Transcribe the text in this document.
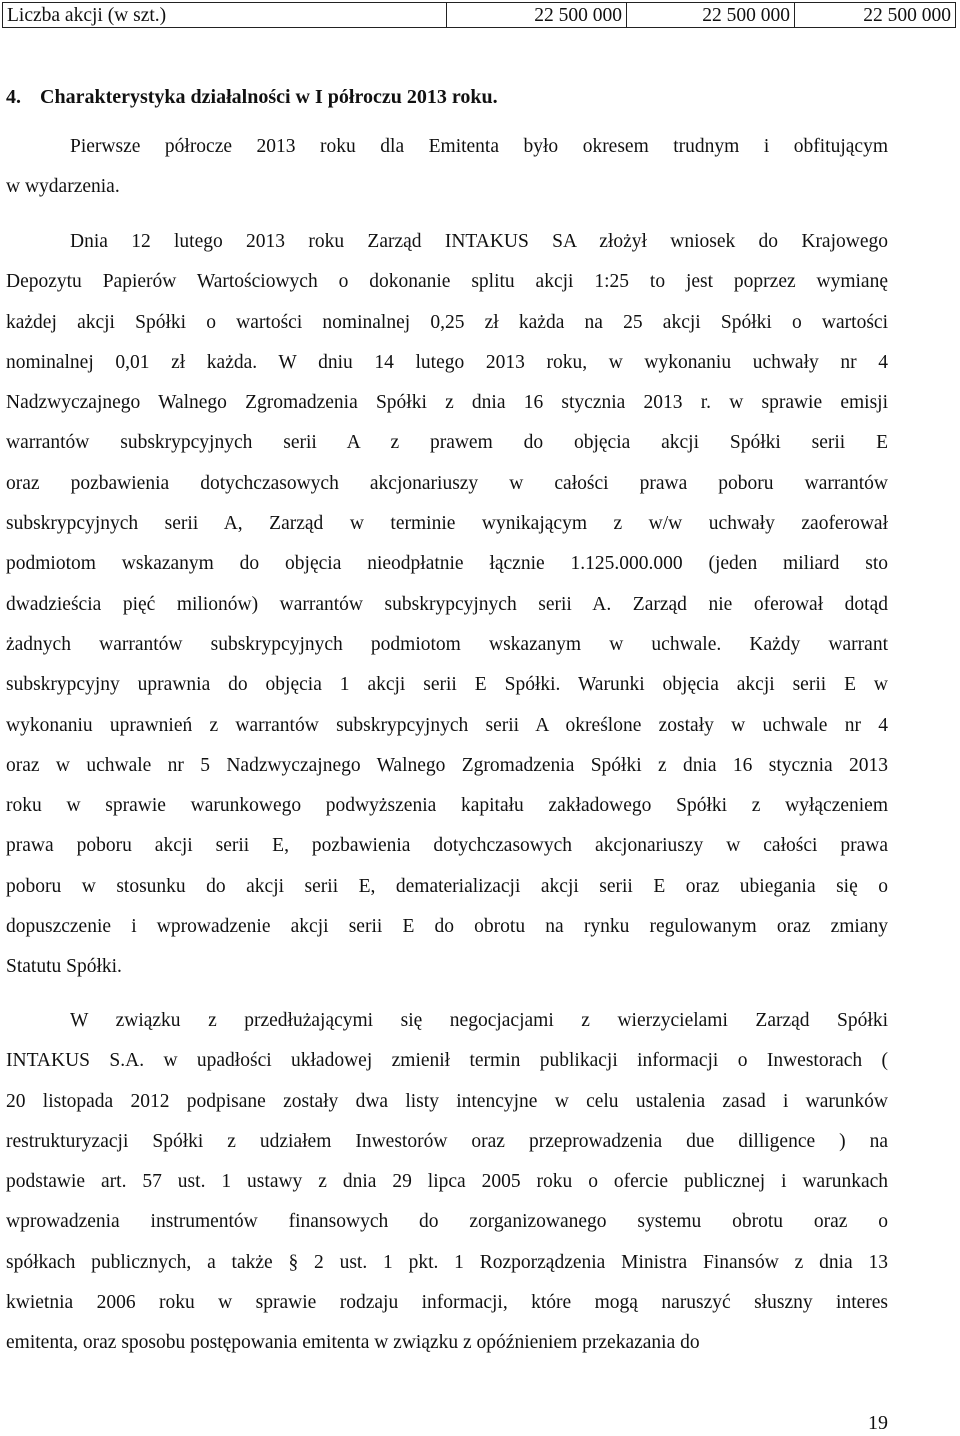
Liczba akcji (w szt.)	22 500 000	22 500 000	22 500 000
4. Charakterystyka działalności w I półroczu 2013 roku.
Pierwsze półrocze 2013 roku dla Emitenta było okresem trudnym i obfitującym
w wydarzenia.
Dnia 12 lutego 2013 roku Zarząd INTAKUS SA złożył wniosek do Krajowego
Depozytu Papierów Wartościowych o dokonanie splitu akcji 1:25 to jest poprzez wymianę
każdej akcji Spółki o wartości nominalnej 0,25 zł każda na 25 akcji Spółki o wartości
nominalnej 0,01 zł każda. W dniu 14 lutego 2013 roku, w wykonaniu uchwały nr 4
Nadzwyczajnego Walnego Zgromadzenia Spółki z dnia 16 stycznia 2013 r. w sprawie emisji
warrantów subskrypcyjnych serii A z prawem do objęcia akcji Spółki serii E
oraz pozbawienia dotychczasowych akcjonariuszy w całości prawa poboru warrantów
subskrypcyjnych serii A, Zarząd w terminie wynikającym z w/w uchwały zaoferował
podmiotom wskazanym do objęcia nieodpłatnie łącznie 1.125.000.000 (jeden miliard sto
dwadzieścia pięć milionów) warrantów subskrypcyjnych serii A. Zarząd nie oferował dotąd
żadnych warrantów subskrypcyjnych podmiotom wskazanym w uchwale. Każdy warrant
subskrypcyjny uprawnia do objęcia 1 akcji serii E Spółki. Warunki objęcia akcji serii E w
wykonaniu uprawnień z warrantów subskrypcyjnych serii A określone zostały w uchwale nr 4
oraz w uchwale nr 5 Nadzwyczajnego Walnego Zgromadzenia Spółki z dnia 16 stycznia 2013
roku w sprawie warunkowego podwyższenia kapitału zakładowego Spółki z wyłączeniem
prawa poboru akcji serii E, pozbawienia dotychczasowych akcjonariuszy w całości prawa
poboru w stosunku do akcji serii E, dematerializacji akcji serii E oraz ubiegania się o
dopuszczenie i wprowadzenie akcji serii E do obrotu na rynku regulowanym oraz zmiany
Statutu Spółki.
W związku z przedłużającymi się negocjacjami z wierzycielami Zarząd Spółki
INTAKUS S.A. w upadłości układowej zmienił termin publikacji informacji o Inwestorach (
20 listopada 2012 podpisane zostały dwa listy intencyjne w celu ustalenia zasad i warunków
restrukturyzacji Spółki z udziałem Inwestorów oraz przeprowadzenia due dilligence ) na
podstawie art. 57 ust. 1 ustawy z dnia 29 lipca 2005 roku o ofercie publicznej i warunkach
wprowadzenia instrumentów finansowych do zorganizowanego systemu obrotu oraz o
spółkach publicznych, a także § 2 ust. 1 pkt. 1 Rozporządzenia Ministra Finansów z dnia 13
kwietnia 2006 roku w sprawie rodzaju informacji, które mogą naruszyć słuszny interes
emitenta, oraz sposobu postępowania emitenta w związku z opóźnieniem przekazania do
19
